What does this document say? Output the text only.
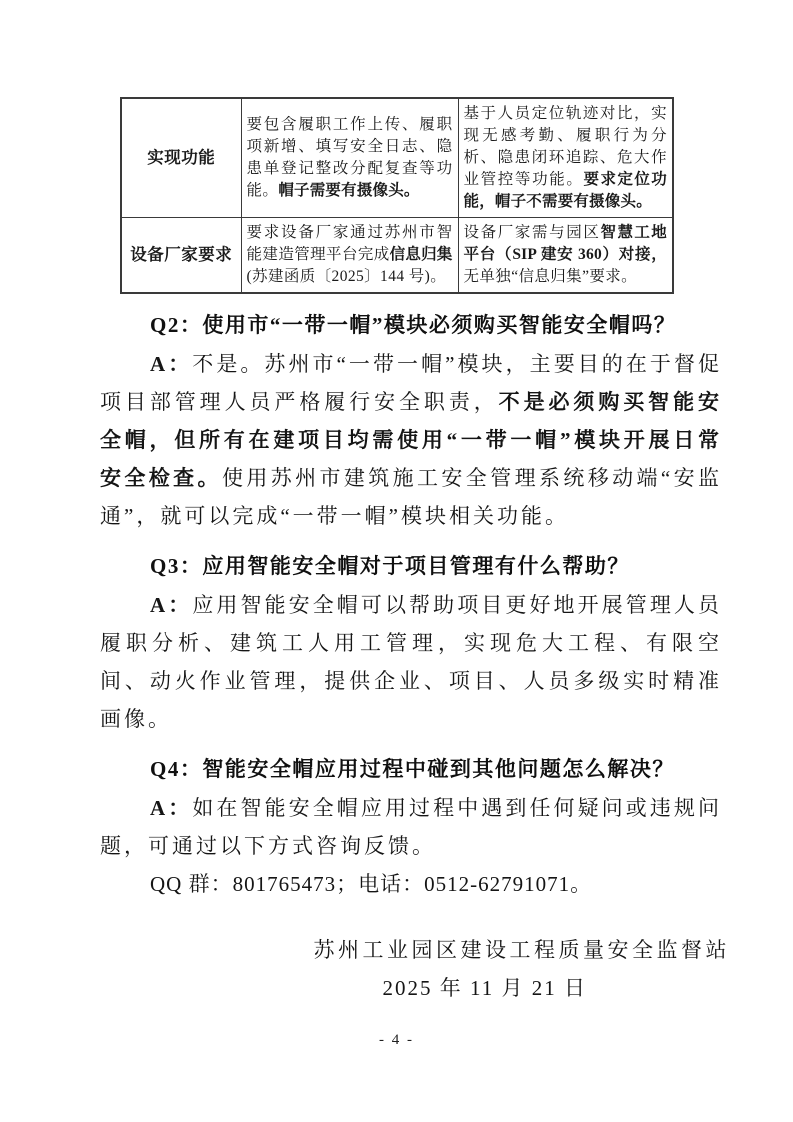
实现功能	要包含履职工作上传、履职项新增、填写安全日志、隐患单登记整改分配复查等功能。帽子需要有摄像头。	基于人员定位轨迹对比，实现无感考勤、履职行为分析、隐患闭环追踪、危大作业管控等功能。要求定位功能，帽子不需要有摄像头。
设备厂家要求	要求设备厂家通过苏州市智能建造管理平台完成信息归集(苏建函质〔2025〕144 号)。	设备厂家需与园区智慧工地平台（SIP 建安 360）对接，无单独“信息归集”要求。
Q2：使用市“一带一帽”模块必须购买智能安全帽吗？

A：不是。苏州市“一带一帽”模块，主要目的在于督促项目部管理人员严格履行安全职责，不是必须购买智能安全帽，但所有在建项目均需使用“一带一帽”模块开展日常安全检查。使用苏州市建筑施工安全管理系统移动端“安监通”，就可以完成“一带一帽”模块相关功能。

Q3：应用智能安全帽对于项目管理有什么帮助？

A：应用智能安全帽可以帮助项目更好地开展管理人员履职分析、建筑工人用工管理，实现危大工程、有限空间、动火作业管理，提供企业、项目、人员多级实时精准画像。

Q4：智能安全帽应用过程中碰到其他问题怎么解决？

A：如在智能安全帽应用过程中遇到任何疑问或违规问题，可通过以下方式咨询反馈。

QQ 群：801765473；电话：0512-62791071。

苏州工业园区建设工程质量安全监督站

2025 年 11 月 21 日

- 4 -
